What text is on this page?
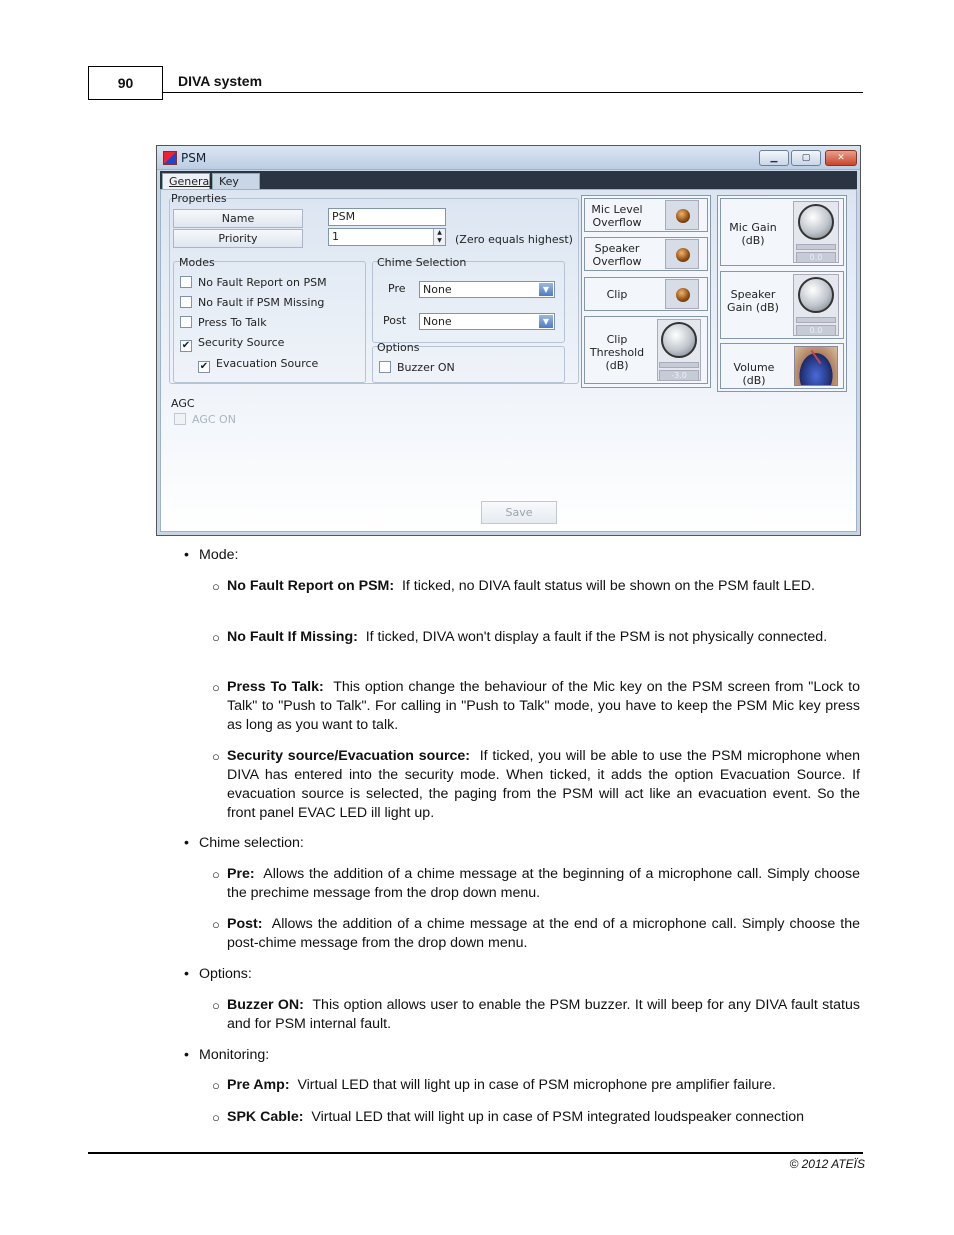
90	DIVA system
PSM	▁	▢	✕
General Key
Properties
Name	PSM
Priority	1	▲
▼ (Zero equals highest)
Modes
No Fault Report on PSM
No Fault if PSM Missing
Press To Talk
✔ Security Source
✔ Evacuation Source
Chime Selection
Pre	None	▼
Post	None	▼
Options
Buzzer ON
AGC
AGC ON
Mic Level Overflow
Speaker Overflow
Clip
Clip Threshold (dB)
-3.0
Mic Gain (dB)
0.0
Speaker Gain (dB)
0.0
Volume (dB)
Save
• Mode:
○ No Fault Report on PSM: If ticked, no DIVA fault status will be shown on the PSM fault LED.
○ No Fault If Missing: If ticked, DIVA won't display a fault if the PSM is not physically connected.
○ Press To Talk: This option change the behaviour of the Mic key on the PSM screen from "Lock to Talk" to "Push to Talk". For calling in "Push to Talk" mode, you have to keep the PSM Mic key press as long as you want to talk.
○ Security source/Evacuation source: If ticked, you will be able to use the PSM microphone when DIVA has entered into the security mode. When ticked, it adds the option Evacuation Source. If evacuation source is selected, the paging from the PSM will act like an evacuation event. So the front panel EVAC LED ill light up.
• Chime selection:
○ Pre: Allows the addition of a chime message at the beginning of a microphone call. Simply choose the prechime message from the drop down menu.
○ Post: Allows the addition of a chime message at the end of a microphone call. Simply choose the post-chime message from the drop down menu.
• Options:
○ Buzzer ON: This option allows user to enable the PSM buzzer. It will beep for any DIVA fault status and for PSM internal fault.
• Monitoring:
○ Pre Amp: Virtual LED that will light up in case of PSM microphone pre amplifier failure.
○ SPK Cable: Virtual LED that will light up in case of PSM integrated loudspeaker connection
© 2012 ATEÏS
